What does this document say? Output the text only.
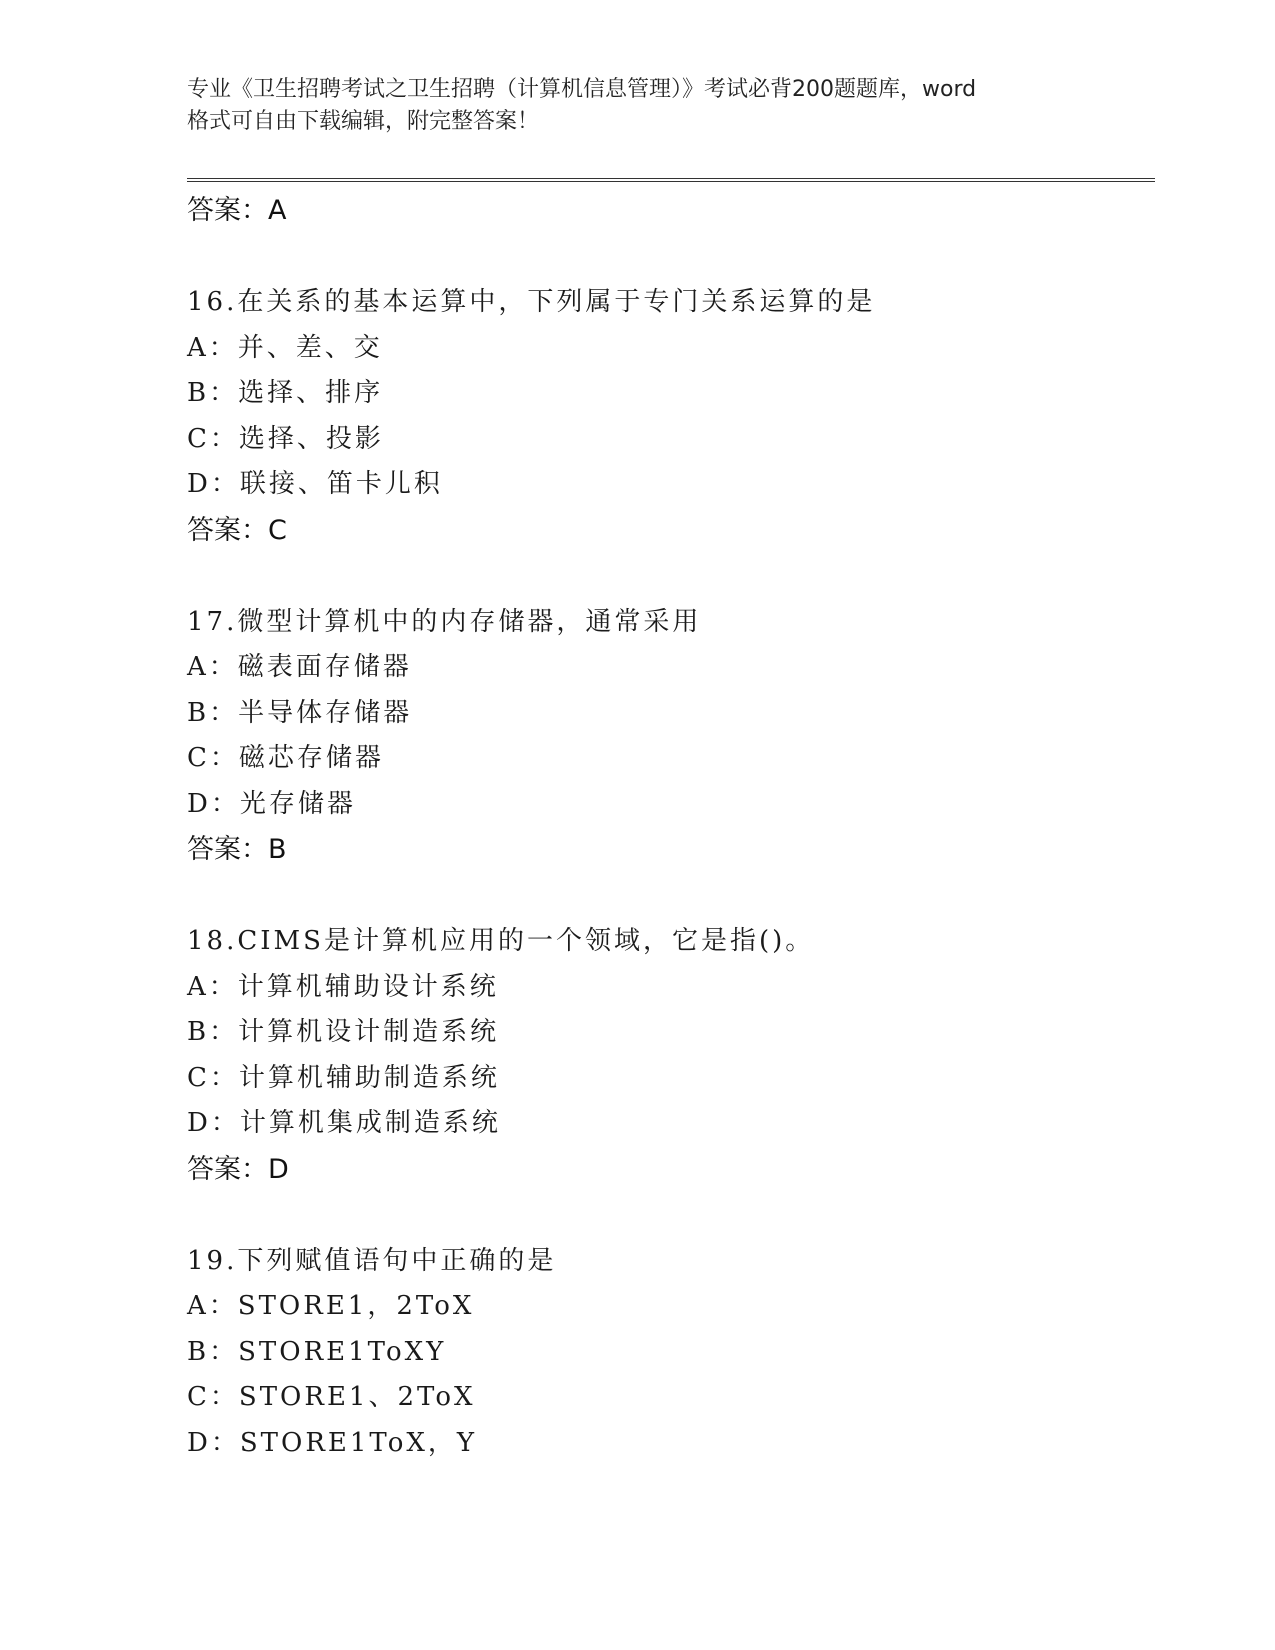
专业《卫生招聘考试之卫生招聘（计算机信息管理）》考试必背200题题库，word
格式可自由下载编辑，附完整答案！
答案：A
16.在关系的基本运算中，下列属于专门关系运算的是
A：并、差、交
B：选择、排序
C：选择、投影
D：联接、笛卡儿积
答案：C
17.微型计算机中的内存储器，通常采用
A：磁表面存储器
B：半导体存储器
C：磁芯存储器
D：光存储器
答案：B
18.CIMS是计算机应用的一个领域，它是指()。
A：计算机辅助设计系统
B：计算机设计制造系统
C：计算机辅助制造系统
D：计算机集成制造系统
答案：D
19.下列赋值语句中正确的是
A：STORE1，2ToX
B：STORE1ToXY
C：STORE1、2ToX
D：STORE1ToX，Y
